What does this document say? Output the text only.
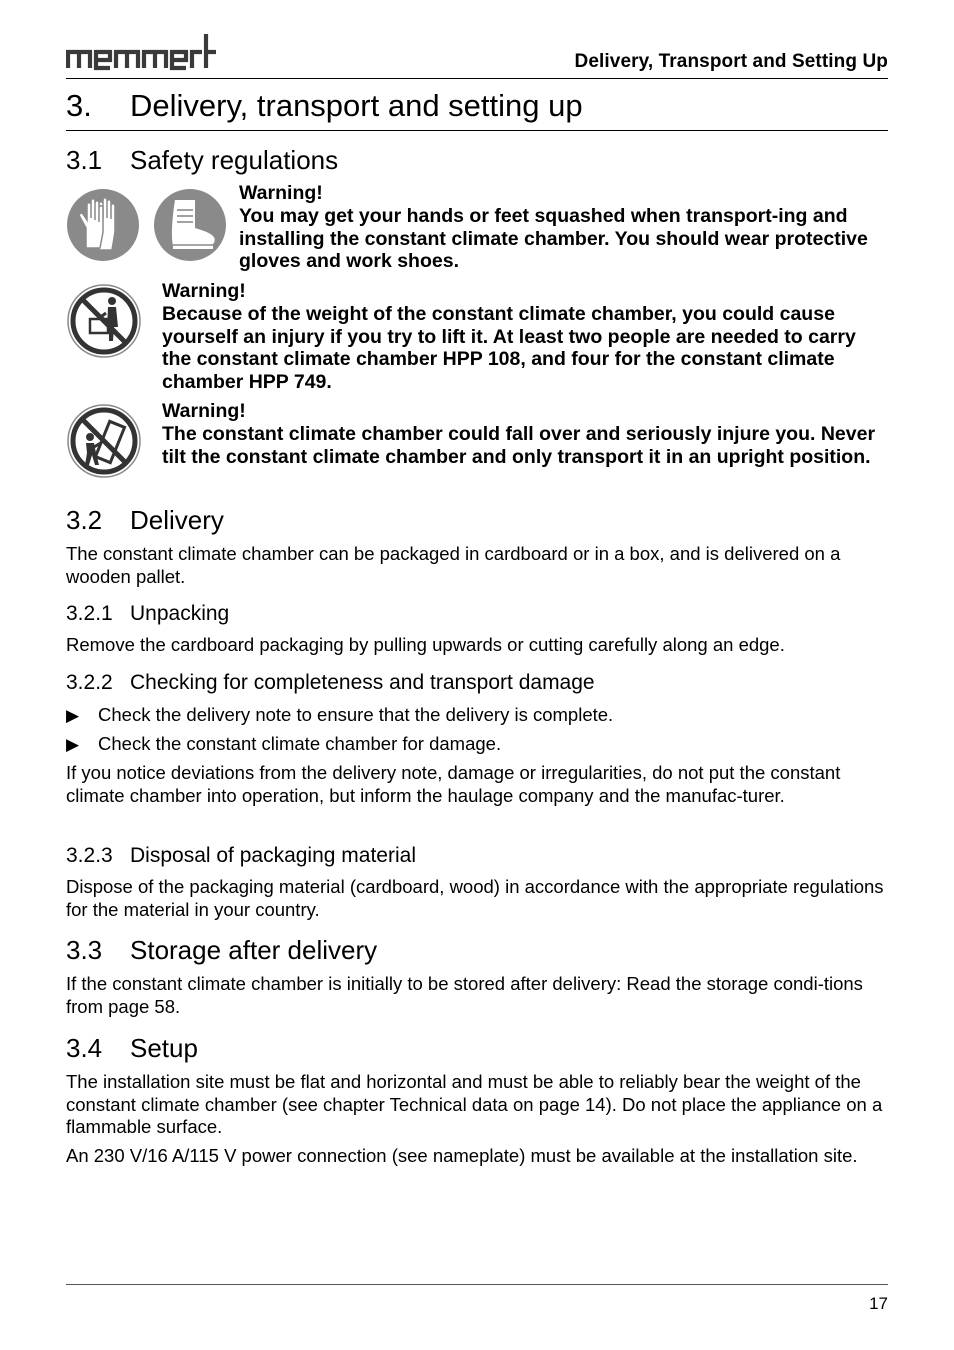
Delivery, Transport and Setting Up
3. Delivery, transport and setting up
3.1 Safety regulations
Warning!
You may get your hands or feet squashed when transport-ing and installing the constant climate chamber. You should wear protective gloves and work shoes.
Warning!
Because of the weight of the constant climate chamber, you could cause yourself an injury if you try to lift it. At least two people are needed to carry the constant climate chamber HPP 108, and four for the constant climate chamber HPP 749.
Warning!
The constant climate chamber could fall over and seriously injure you. Never tilt the constant climate chamber and only transport it in an upright position.
3.2 Delivery
The constant climate chamber can be packaged in cardboard or in a box, and is delivered on a wooden pallet.
3.2.1 Unpacking
Remove the cardboard packaging by pulling upwards or cutting carefully along an edge.
3.2.2 Checking for completeness and transport damage
▶ Check the delivery note to ensure that the delivery is complete.
▶ Check the constant climate chamber for damage.
If you notice deviations from the delivery note, damage or irregularities, do not put the constant climate chamber into operation, but inform the haulage company and the manufac-turer.
3.2.3 Disposal of packaging material
Dispose of the packaging material (cardboard, wood) in accordance with the appropriate regulations for the material in your country.
3.3 Storage after delivery
If the constant climate chamber is initially to be stored after delivery: Read the storage condi-tions from page 58.
3.4 Setup
The installation site must be flat and horizontal and must be able to reliably bear the weight of the constant climate chamber (see chapter Technical data on page 14). Do not place the appliance on a flammable surface.
An 230 V/16 A/115 V power connection (see nameplate) must be available at the installation site.
17
